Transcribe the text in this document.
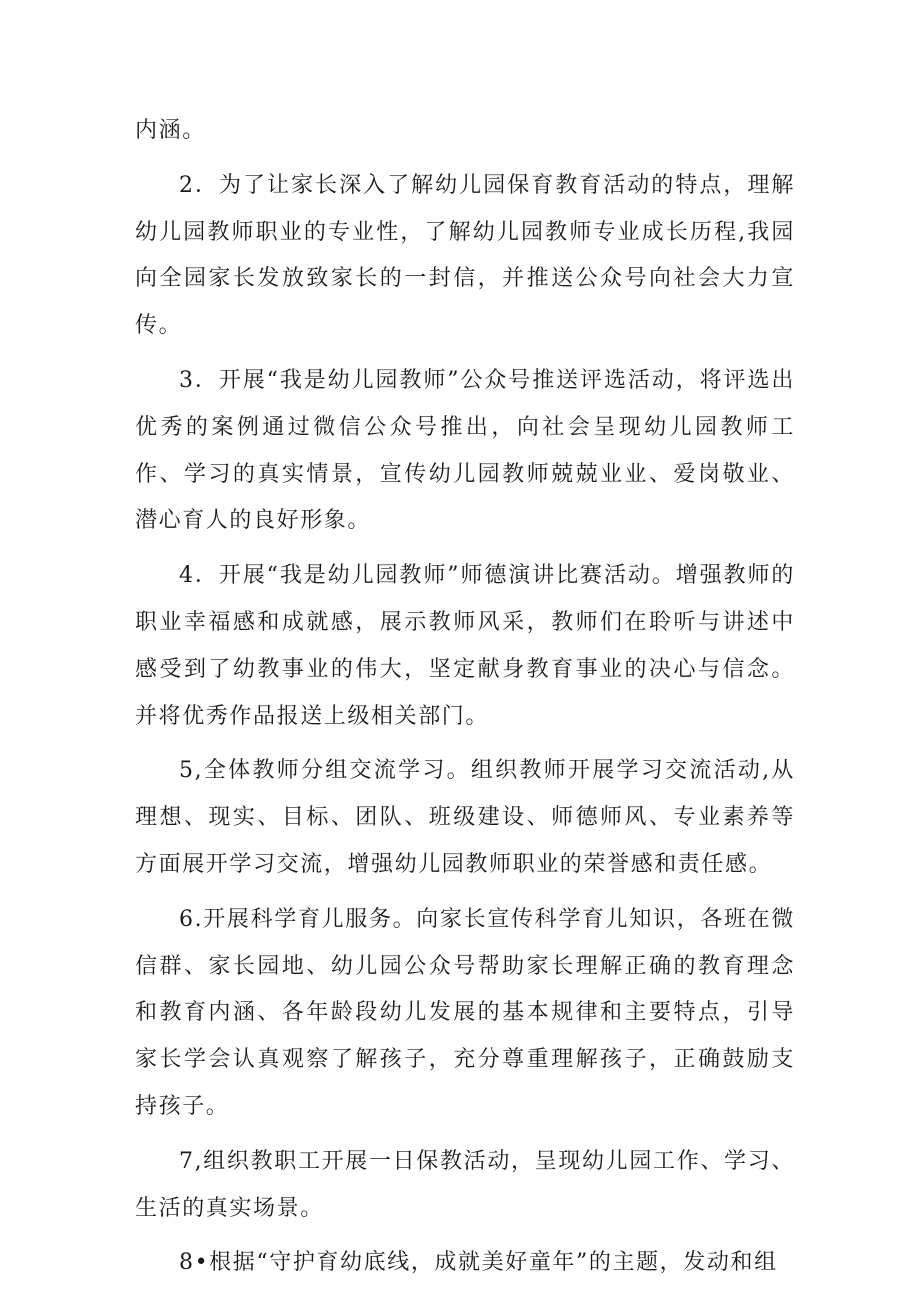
内涵。

2．为了让家长深入了解幼儿园保育教育活动的特点，理解幼儿园教师职业的专业性，了解幼儿园教师专业成长历程,我园向全园家长发放致家长的一封信，并推送公众号向社会大力宣传。

3．开展“我是幼儿园教师”公众号推送评选活动，将评选出优秀的案例通过微信公众号推出，向社会呈现幼儿园教师工作、学习的真实情景，宣传幼儿园教师兢兢业业、爱岗敬业、潜心育人的良好形象。

4．开展“我是幼儿园教师”师德演讲比赛活动。增强教师的职业幸福感和成就感，展示教师风采，教师们在聆听与讲述中感受到了幼教事业的伟大，坚定献身教育事业的决心与信念。并将优秀作品报送上级相关部门。

5,全体教师分组交流学习。组织教师开展学习交流活动,从理想、现实、目标、团队、班级建设、师德师风、专业素养等方面展开学习交流，增强幼儿园教师职业的荣誉感和责任感。

6.开展科学育儿服务。向家长宣传科学育儿知识，各班在微信群、家长园地、幼儿园公众号帮助家长理解正确的教育理念和教育内涵、各年龄段幼儿发展的基本规律和主要特点，引导家长学会认真观察了解孩子，充分尊重理解孩子，正确鼓励支持孩子。

7,组织教职工开展一日保教活动，呈现幼儿园工作、学习、生活的真实场景。

8•根据“守护育幼底线，成就美好童年”的主题，发动和组
